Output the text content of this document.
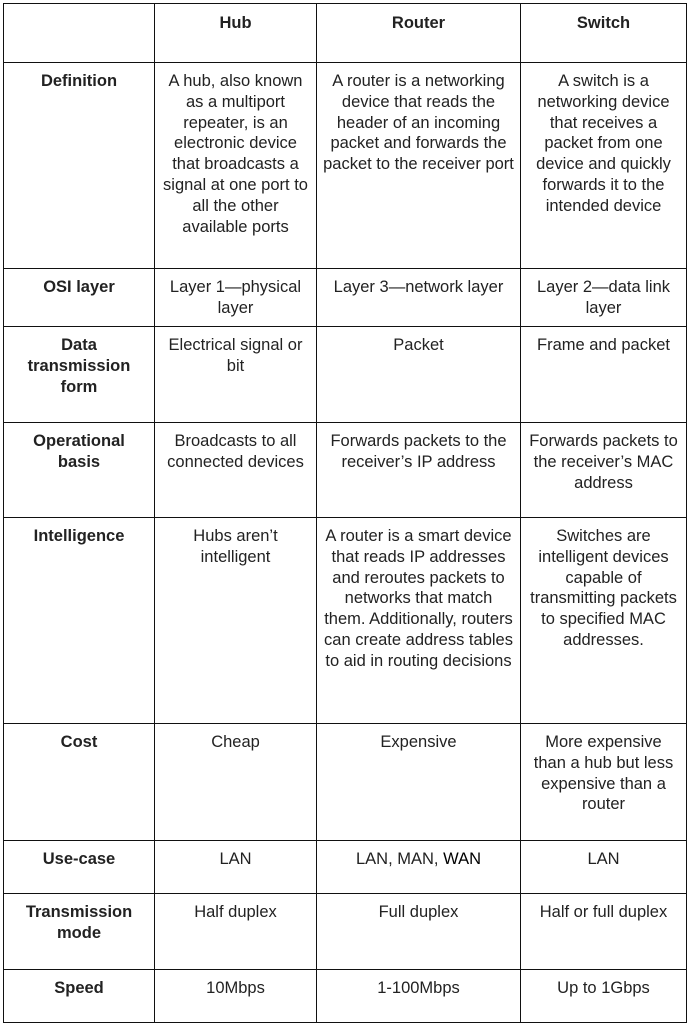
	Hub	Router	Switch
Definition	A hub, also known as a multiport repeater, is an electronic device that broadcasts a signal at one port to all the other available ports	A router is a networking device that reads the header of an incoming packet and forwards the packet to the receiver port	A switch is a networking device that receives a packet from one device and quickly forwards it to the intended device
OSI layer	Layer 1—physical layer	Layer 3—network layer	Layer 2—data link layer
Data transmission form	Electrical signal or bit	Packet	Frame and packet
Operational basis	Broadcasts to all connected devices	Forwards packets to the receiver’s IP address	Forwards packets to the receiver’s MAC address
Intelligence	Hubs aren’t intelligent	A router is a smart device that reads IP addresses and reroutes packets to networks that match them. Additionally, routers can create address tables to aid in routing decisions	Switches are intelligent devices capable of transmitting packets to specified MAC addresses.
Cost	Cheap	Expensive	More expensive than a hub but less expensive than a router
Use-case	LAN	LAN, MAN, WAN	LAN
Transmission mode	Half duplex	Full duplex	Half or full duplex
Speed	10Mbps	1-100Mbps	Up to 1Gbps
